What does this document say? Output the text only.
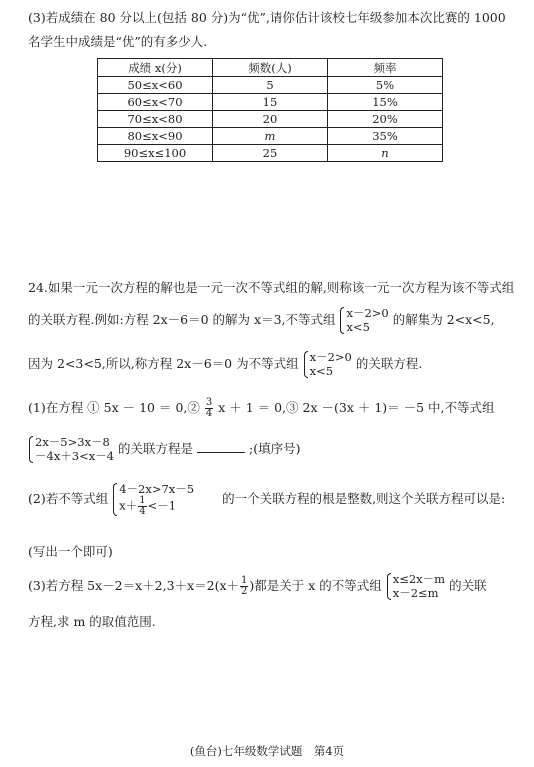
(3)若成绩在 80 分以上(包括 80 分)为“优”,请你估计该校七年级参加本次比赛的 1000
名学生中成绩是“优”的有多少人.
成绩 x(分)	频数(人)	频率
50≤x<60	5	5%
60≤x<70	15	15%
70≤x<80	20	20%
80≤x<90	m	35%
90≤x≤100	25	n
24.如果一元一次方程的解也是一元一次不等式组的解,则称该一元一次方程为该不等式组
的关联方程.例如:方程 2x－6＝0 的解为 x＝3,不等式组 x－2>0
x<5
的解集为 2<x<5,
因为 2<3<5,所以,称方程 2x－6＝0 为不等式组 x－2>0
x<5
的关联方程.
(1)在方程 ① 5x － 10 ＝ 0,② $\frac{3}{4}$ x ＋ 1 ＝ 0,③ 2x －(3x ＋ 1)＝ －5 中,不等式组
2x－5>3x－8
－4x＋3<x－4
的关联方程是	;(填序号)
(2)若不等式组
4－2x>7x－5
$x+ \frac{1}{4} <-1$	的一个关联方程的根是整数,则这个关联方程可以是:
(写出一个即可)
(3)若方程 $5x-2=x+2,3+x=2(x+ \frac{1}{2}$ )都是关于 x 的不等式组 x≤2x－m
x－2≤m
的关联
方程,求 m 的取值范围.
(鱼台)七年级数学试题　第4页
